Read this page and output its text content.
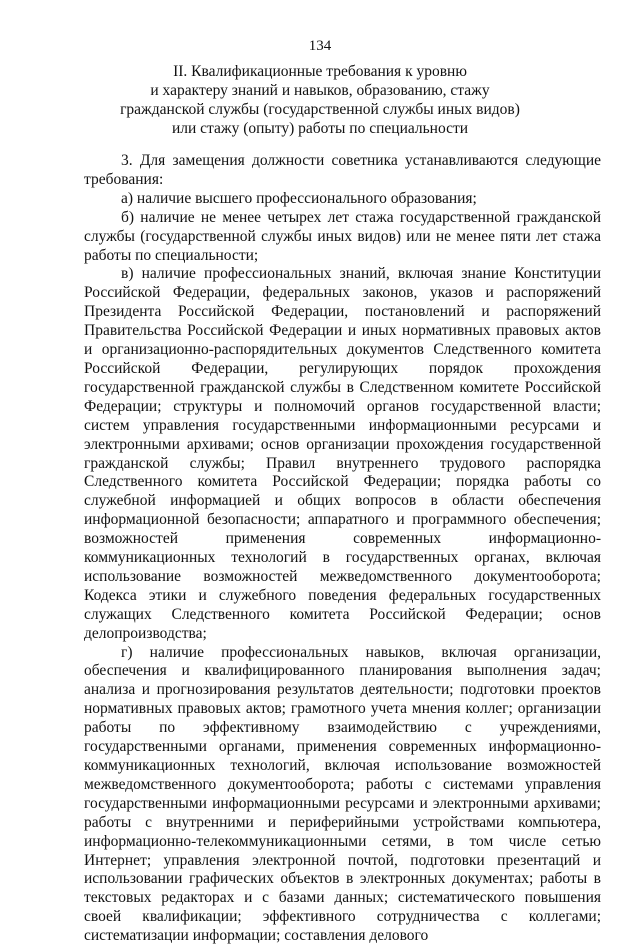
134
II. Квалификационные требования к уровню
и характеру знаний и навыков, образованию, стажу
гражданской службы (государственной службы иных видов)
или стажу (опыту) работы по специальности

3. Для замещения должности советника устанавливаются следующие требования:

а) наличие высшего профессионального образования;

б) наличие не менее четырех лет стажа государственной гражданской службы (государственной службы иных видов) или не менее пяти лет стажа работы по специальности;

в) наличие профессиональных знаний, включая знание Конституции Российской Федерации, федеральных законов, указов и распоряжений Президента Российской Федерации, постановлений и распоряжений Правительства Российской Федерации и иных нормативных правовых актов и организационно-распорядительных документов Следственного комитета Российской Федерации, регулирующих порядок прохождения государственной гражданской службы в Следственном комитете Российской Федерации; структуры и полномочий органов государственной власти; систем управления государственными информационными ресурсами и электронными архивами; основ организации прохождения государственной гражданской службы; Правил внутреннего трудового распорядка Следственного комитета Российской Федерации; порядка работы со служебной информацией и общих вопросов в области обеспечения информационной безопасности; аппаратного и программного обеспечения; возможностей применения современных информационно-коммуникационных технологий в государственных органах, включая использование возможностей межведомственного документооборота; Кодекса этики и служебного поведения федеральных государственных служащих Следственного комитета Российской Федерации; основ делопроизводства;

г) наличие профессиональных навыков, включая организации, обеспечения и квалифицированного планирования выполнения задач; анализа и прогнозирования результатов деятельности; подготовки проектов нормативных правовых актов; грамотного учета мнения коллег; организации работы по эффективному взаимодействию с учреждениями, государственными органами, применения современных информационно-коммуникационных технологий, включая использование возможностей межведомственного документооборота; работы с системами управления государственными информационными ресурсами и электронными архивами; работы с внутренними и периферийными устройствами компьютера, информационно-телекоммуникационными сетями, в том числе сетью Интернет; управления электронной почтой, подготовки презентаций и использовании графических объектов в электронных документах; работы в текстовых редакторах и с базами данных; систематического повышения своей квалификации; эффективного сотрудничества с коллегами; систематизации информации; составления делового
